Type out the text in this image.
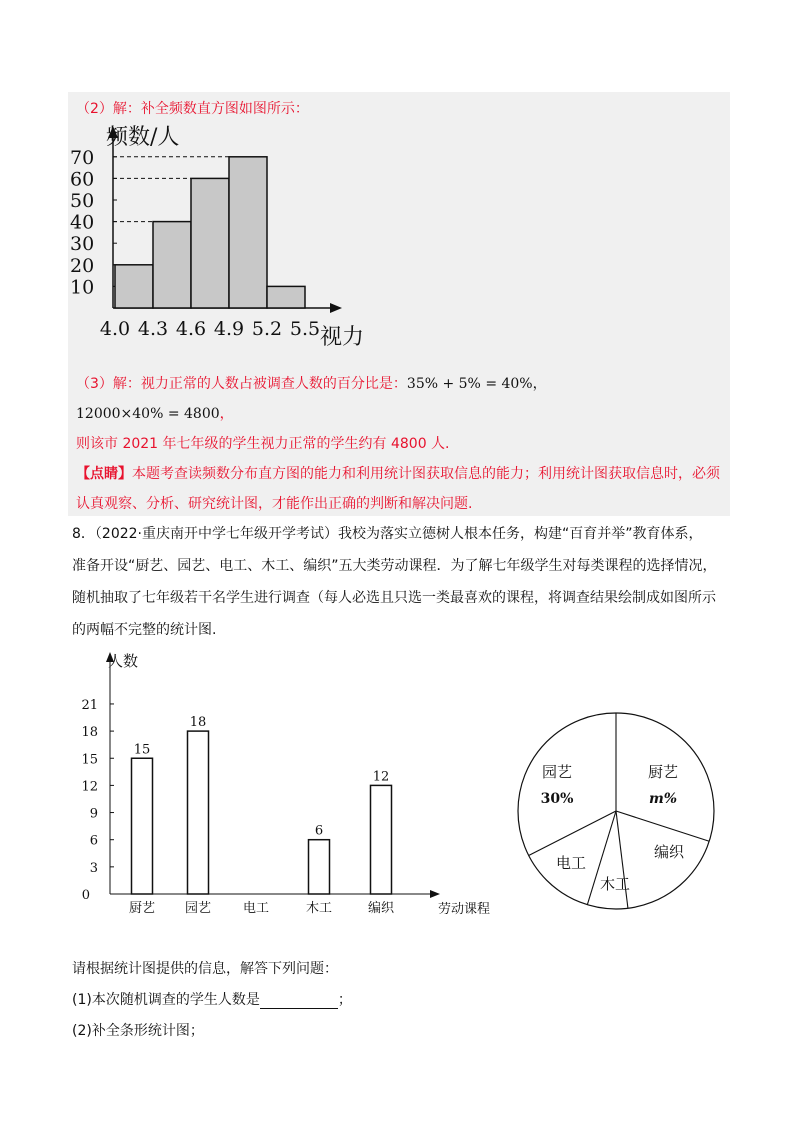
（2）解：补全频数直方图如图所示：
10
20
30
40
50
60
70
4.0 4.3 4.6 4.9 5.2 5.5
频数/人
视力
（3）解：视力正常的人数占被调查人数的百分比是：35% + 5% = 40%，
12000×40% = 4800，
则该市 2021 年七年级的学生视力正常的学生约有 4800 人.
【点睛】本题考查读频数分布直方图的能力和利用统计图获取信息的能力；利用统计图获取信息时，必须
认真观察、分析、研究统计图，才能作出正确的判断和解决问题.
8．（2022·重庆南开中学七年级开学考试）我校为落实立德树人根本任务，构建“百育并举”教育体系，
准备开设“厨艺、园艺、电工、木工、编织”五大类劳动课程．为了解七年级学生对每类课程的选择情况，
随机抽取了七年级若干名学生进行调查（每人必选且只选一类最喜欢的课程，将调查结果绘制成如图所示
的两幅不完整的统计图.
0
3
6
9
12
15
18
21
15
厨艺
18
园艺 电工
6
木工
12
编织
人数
劳动课程
园艺
30%
厨艺
m%
编织
木工
电工
请根据统计图提供的信息，解答下列问题：
(1)本次随机调查的学生人数是	；
(2)补全条形统计图；
